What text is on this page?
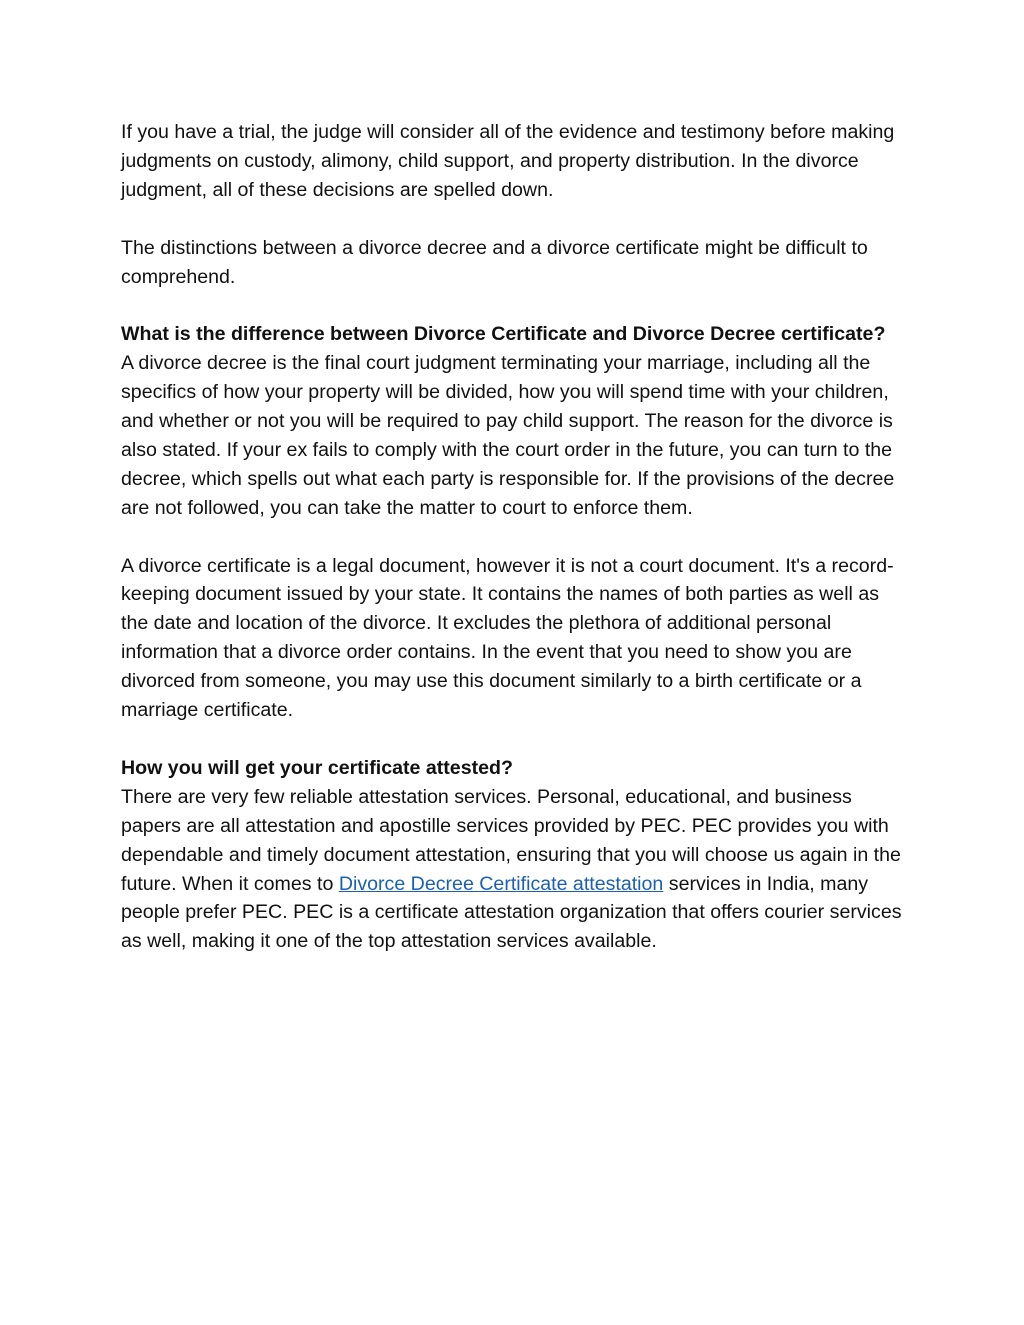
If you have a trial, the judge will consider all of the evidence and testimony before making judgments on custody, alimony, child support, and property distribution. In the divorce judgment, all of these decisions are spelled down.

The distinctions between a divorce decree and a divorce certificate might be difficult to comprehend.

What is the difference between Divorce Certificate and Divorce Decree certificate?

A divorce decree is the final court judgment terminating your marriage, including all the specifics of how your property will be divided, how you will spend time with your children, and whether or not you will be required to pay child support. The reason for the divorce is also stated. If your ex fails to comply with the court order in the future, you can turn to the decree, which spells out what each party is responsible for. If the provisions of the decree are not followed, you can take the matter to court to enforce them.

A divorce certificate is a legal document, however it is not a court document. It's a record-keeping document issued by your state. It contains the names of both parties as well as the date and location of the divorce. It excludes the plethora of additional personal information that a divorce order contains. In the event that you need to show you are divorced from someone, you may use this document similarly to a birth certificate or a marriage certificate.

How you will get your certificate attested?

There are very few reliable attestation services. Personal, educational, and business papers are all attestation and apostille services provided by PEC. PEC provides you with dependable and timely document attestation, ensuring that you will choose us again in the future. When it comes to Divorce Decree Certificate attestation services in India, many people prefer PEC. PEC is a certificate attestation organization that offers courier services as well, making it one of the top attestation services available.
